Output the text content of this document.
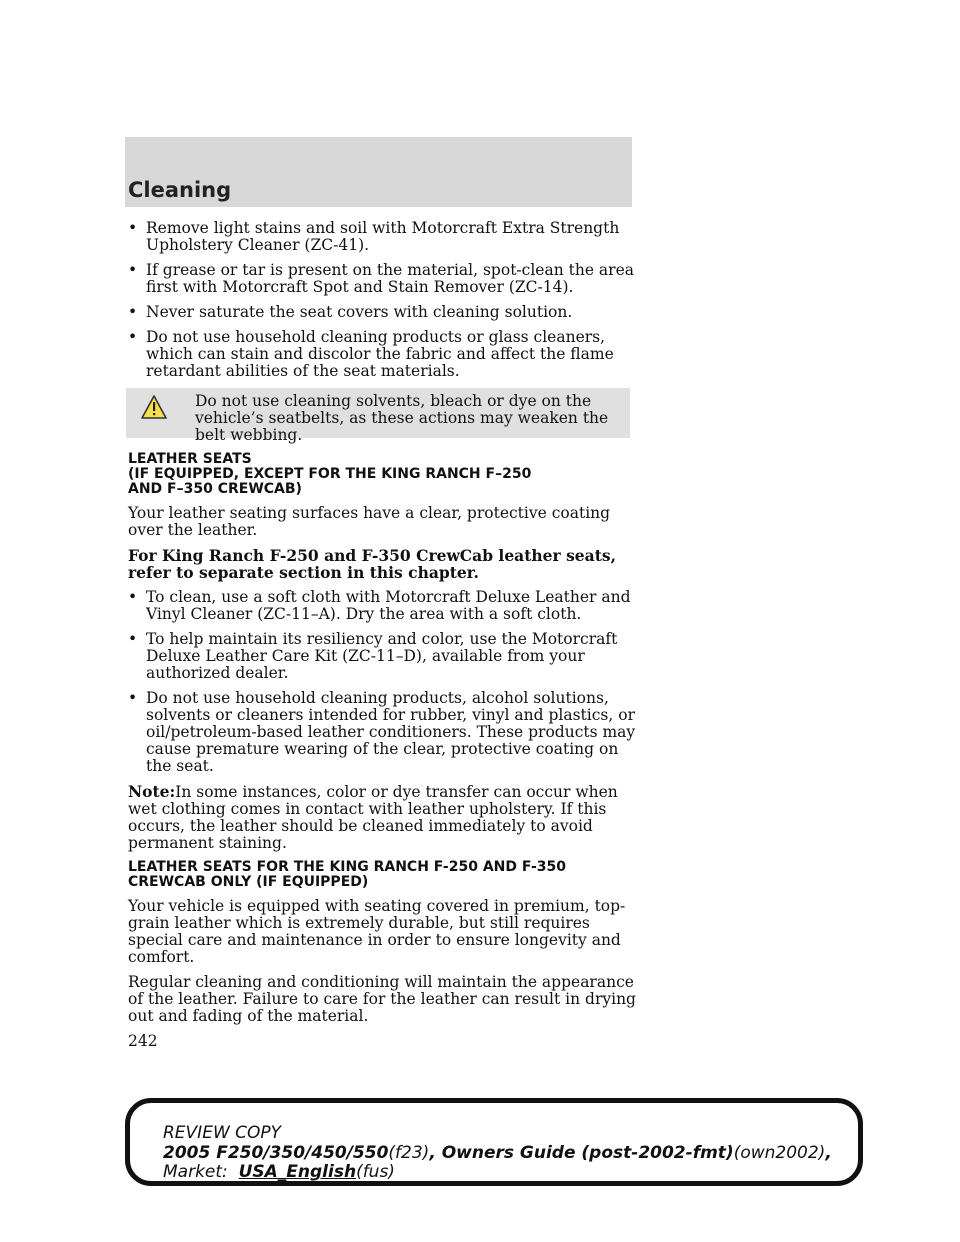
Cleaning
• Remove light stains and soil with Motorcraft Extra Strength Upholstery Cleaner (ZC-41).
• If grease or tar is present on the material, spot-clean the area first with Motorcraft Spot and Stain Remover (ZC-14).
• Never saturate the seat covers with cleaning solution.
• Do not use household cleaning products or glass cleaners, which can stain and discolor the fabric and affect the flame retardant abilities of the seat materials.
Do not use cleaning solvents, bleach or dye on the vehicle’s seatbelts, as these actions may weaken the belt webbing.
LEATHER SEATS
(IF EQUIPPED, EXCEPT FOR THE KING RANCH F–250
AND F–350 CREWCAB)

Your leather seating surfaces have a clear, protective coating over the leather.

For King Ranch F-250 and F-350 CrewCab leather seats, refer to separate section in this chapter.

• To clean, use a soft cloth with Motorcraft Deluxe Leather and Vinyl Cleaner (ZC-11–A). Dry the area with a soft cloth.
• To help maintain its resiliency and color, use the Motorcraft Deluxe Leather Care Kit (ZC-11–D), available from your authorized dealer.
• Do not use household cleaning products, alcohol solutions, solvents or cleaners intended for rubber, vinyl and plastics, or oil/petroleum-based leather conditioners. These products may cause premature wearing of the clear, protective coating on the seat.

Note:In some instances, color or dye transfer can occur when wet clothing comes in contact with leather upholstery. If this occurs, the leather should be cleaned immediately to avoid permanent staining.

LEATHER SEATS FOR THE KING RANCH F-250 AND F-350
CREWCAB ONLY (IF EQUIPPED)

Your vehicle is equipped with seating covered in premium, top-grain leather which is extremely durable, but still requires special care and maintenance in order to ensure longevity and comfort.

Regular cleaning and conditioning will maintain the appearance of the leather. Failure to care for the leather can result in drying out and fading of the material.

242
REVIEW COPY
2005 F250/350/450/550(f23), Owners Guide (post-2002-fmt)(own2002),
Market: USA_English(fus)
